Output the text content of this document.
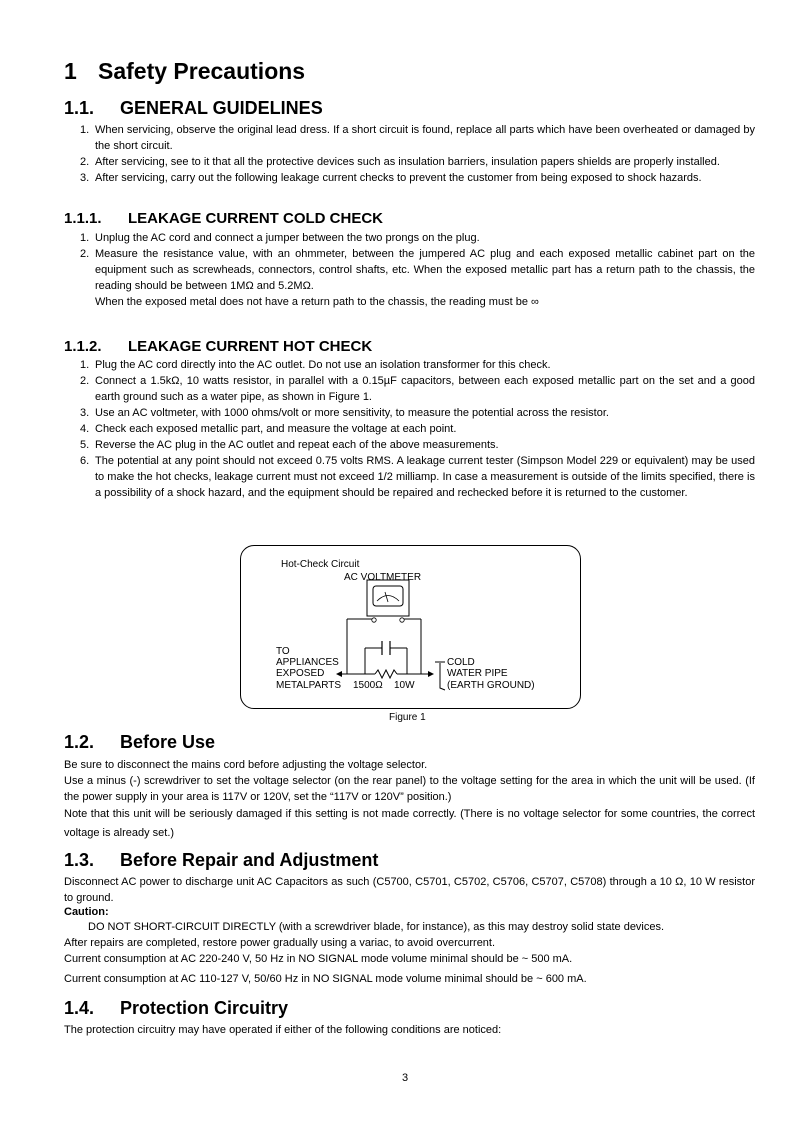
1 Safety Precautions
1.1. GENERAL GUIDELINES
1. When servicing, observe the original lead dress. If a short circuit is found, replace all parts which have been overheated or damaged by the short circuit.
2. After servicing, see to it that all the protective devices such as insulation barriers, insulation papers shields are properly installed.
3. After servicing, carry out the following leakage current checks to prevent the customer from being exposed to shock hazards.
1.1.1. LEAKAGE CURRENT COLD CHECK
1. Unplug the AC cord and connect a jumper between the two prongs on the plug.
2. Measure the resistance value, with an ohmmeter, between the jumpered AC plug and each exposed metallic cabinet part on the equipment such as screwheads, connectors, control shafts, etc. When the exposed metallic part has a return path to the chassis, the reading should be between 1MΩ and 5.2MΩ.
When the exposed metal does not have a return path to the chassis, the reading must be ∞
1.1.2. LEAKAGE CURRENT HOT CHECK
1. Plug the AC cord directly into the AC outlet. Do not use an isolation transformer for this check.
2. Connect a 1.5kΩ, 10 watts resistor, in parallel with a 0.15µF capacitors, between each exposed metallic part on the set and a good earth ground such as a water pipe, as shown in Figure 1.
3. Use an AC voltmeter, with 1000 ohms/volt or more sensitivity, to measure the potential across the resistor.
4. Check each exposed metallic part, and measure the voltage at each point.
5. Reverse the AC plug in the AC outlet and repeat each of the above measurements.
6. The potential at any point should not exceed 0.75 volts RMS. A leakage current tester (Simpson Model 229 or equivalent) may be used to make the hot checks, leakage current must not exceed 1/2 milliamp. In case a measurement is outside of the limits specified, there is a possibility of a shock hazard, and the equipment should be repaired and rechecked before it is returned to the customer.
Hot-Check Circuit
AC VOLTMETER
TO
APPLIANCES
EXPOSED
METALPARTS 1500Ω 10W
COLD
WATER PIPE
(EARTH GROUND)
Figure 1
1.2. Before Use
Be sure to disconnect the mains cord before adjusting the voltage selector.
Use a minus (-) screwdriver to set the voltage selector (on the rear panel) to the voltage setting for the area in which the unit will be used. (If the power supply in your area is 117V or 120V, set the “117V or 120V” position.)
Note that this unit will be seriously damaged if this setting is not made correctly. (There is no voltage selector for some countries, the correct voltage is already set.)
1.3. Before Repair and Adjustment
Disconnect AC power to discharge unit AC Capacitors as such (C5700, C5701, C5702, C5706, C5707, C5708) through a 10 Ω, 10 W resistor to ground.
Caution:
DO NOT SHORT-CIRCUIT DIRECTLY (with a screwdriver blade, for instance), as this may destroy solid state devices.
After repairs are completed, restore power gradually using a variac, to avoid overcurrent.
Current consumption at AC 220-240 V, 50 Hz in NO SIGNAL mode volume minimal should be ~ 500 mA.
Current consumption at AC 110-127 V, 50/60 Hz in NO SIGNAL mode volume minimal should be ~ 600 mA.
1.4. Protection Circuitry
The protection circuitry may have operated if either of the following conditions are noticed:
3
